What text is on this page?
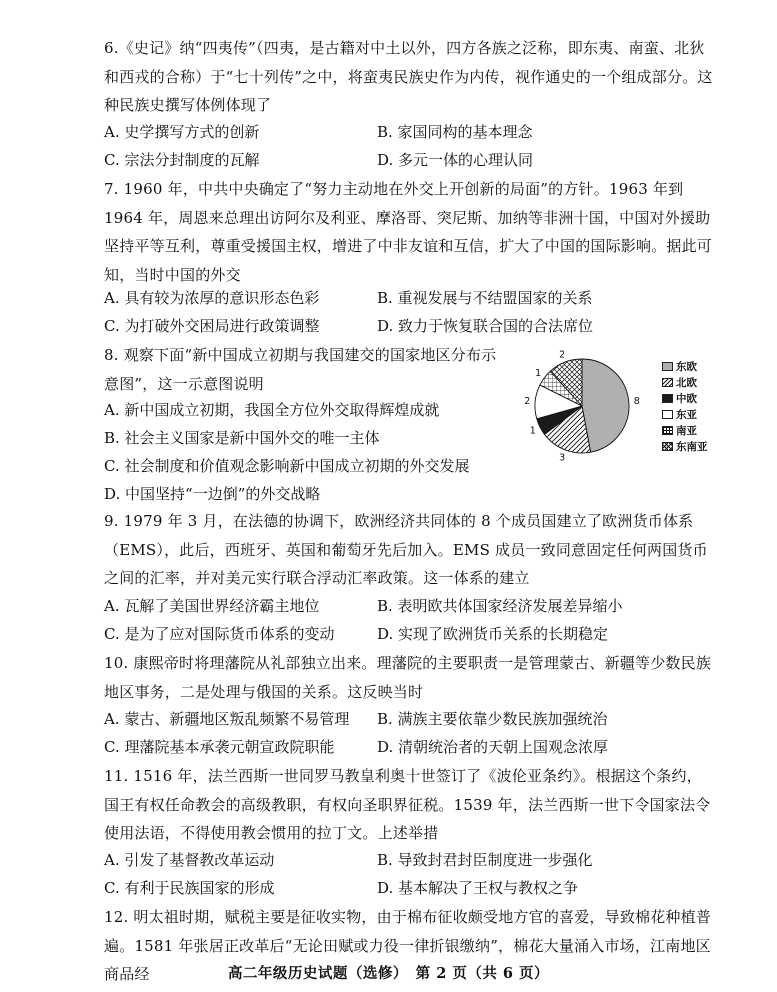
6.《史记》纳“四夷传”（四夷，是古籍对中土以外，四方各族之泛称，即东夷、南蛮、北狄和西戎的合称）于“七十列传”之中，将蛮夷民族史作为内传，视作通史的一个组成部分。这种民族史撰写体例体现了
A. 史学撰写方式的创新	B. 家国同构的基本理念
C. 宗法分封制度的瓦解	D. 多元一体的心理认同
7. 1960 年，中共中央确定了“努力主动地在外交上开创新的局面”的方针。1963 年到 1964 年，周恩来总理出访阿尔及利亚、摩洛哥、突尼斯、加纳等非洲十国，中国对外援助坚持平等互利，尊重受援国主权，增进了中非友谊和互信，扩大了中国的国际影响。据此可知，当时中国的外交
A. 具有较为浓厚的意识形态色彩	B. 重视发展与不结盟国家的关系
C. 为打破外交困局进行政策调整	D. 致力于恢复联合国的合法席位
8. 观察下面“新中国成立初期与我国建交的国家地区分布示意图”，这一示意图说明
A. 新中国成立初期，我国全方位外交取得辉煌成就
B. 社会主义国家是新中国外交的唯一主体
C. 社会制度和价值观念影响新中国成立初期的外交发展
D. 中国坚持“一边倒”的外交战略
8
3
1
2
1
2
东欧
北欧
中欧
东亚
南亚
东南亚
9. 1979 年 3 月，在法德的协调下，欧洲经济共同体的 8 个成员国建立了欧洲货币体系（EMS），此后，西班牙、英国和葡萄牙先后加入。EMS 成员一致同意固定任何两国货币之间的汇率，并对美元实行联合浮动汇率政策。这一体系的建立
A. 瓦解了美国世界经济霸主地位	B. 表明欧共体国家经济发展差异缩小
C. 是为了应对国际货币体系的变动	D. 实现了欧洲货币关系的长期稳定
10. 康熙帝时将理藩院从礼部独立出来。理藩院的主要职责一是管理蒙古、新疆等少数民族地区事务，二是处理与俄国的关系。这反映当时
A. 蒙古、新疆地区叛乱频繁不易管理 B. 满族主要依靠少数民族加强统治
C. 理藩院基本承袭元朝宣政院职能	D. 清朝统治者的天朝上国观念浓厚
11. 1516 年，法兰西斯一世同罗马教皇利奥十世签订了《波伦亚条约》。根据这个条约，国王有权任命教会的高级教职，有权向圣职界征税。1539 年，法兰西斯一世下令国家法令使用法语，不得使用教会惯用的拉丁文。上述举措
A. 引发了基督教改革运动	B. 导致封君封臣制度进一步强化
C. 有利于民族国家的形成	D. 基本解决了王权与教权之争
12. 明太祖时期，赋税主要是征收实物，由于棉布征收颇受地方官的喜爱，导致棉花种植普遍。1581 年张居正改革后“无论田赋或力役一律折银缴纳”，棉花大量涌入市场，江南地区商品经	高二年级历史试题（选修）　第 2 页（共 6 页）
